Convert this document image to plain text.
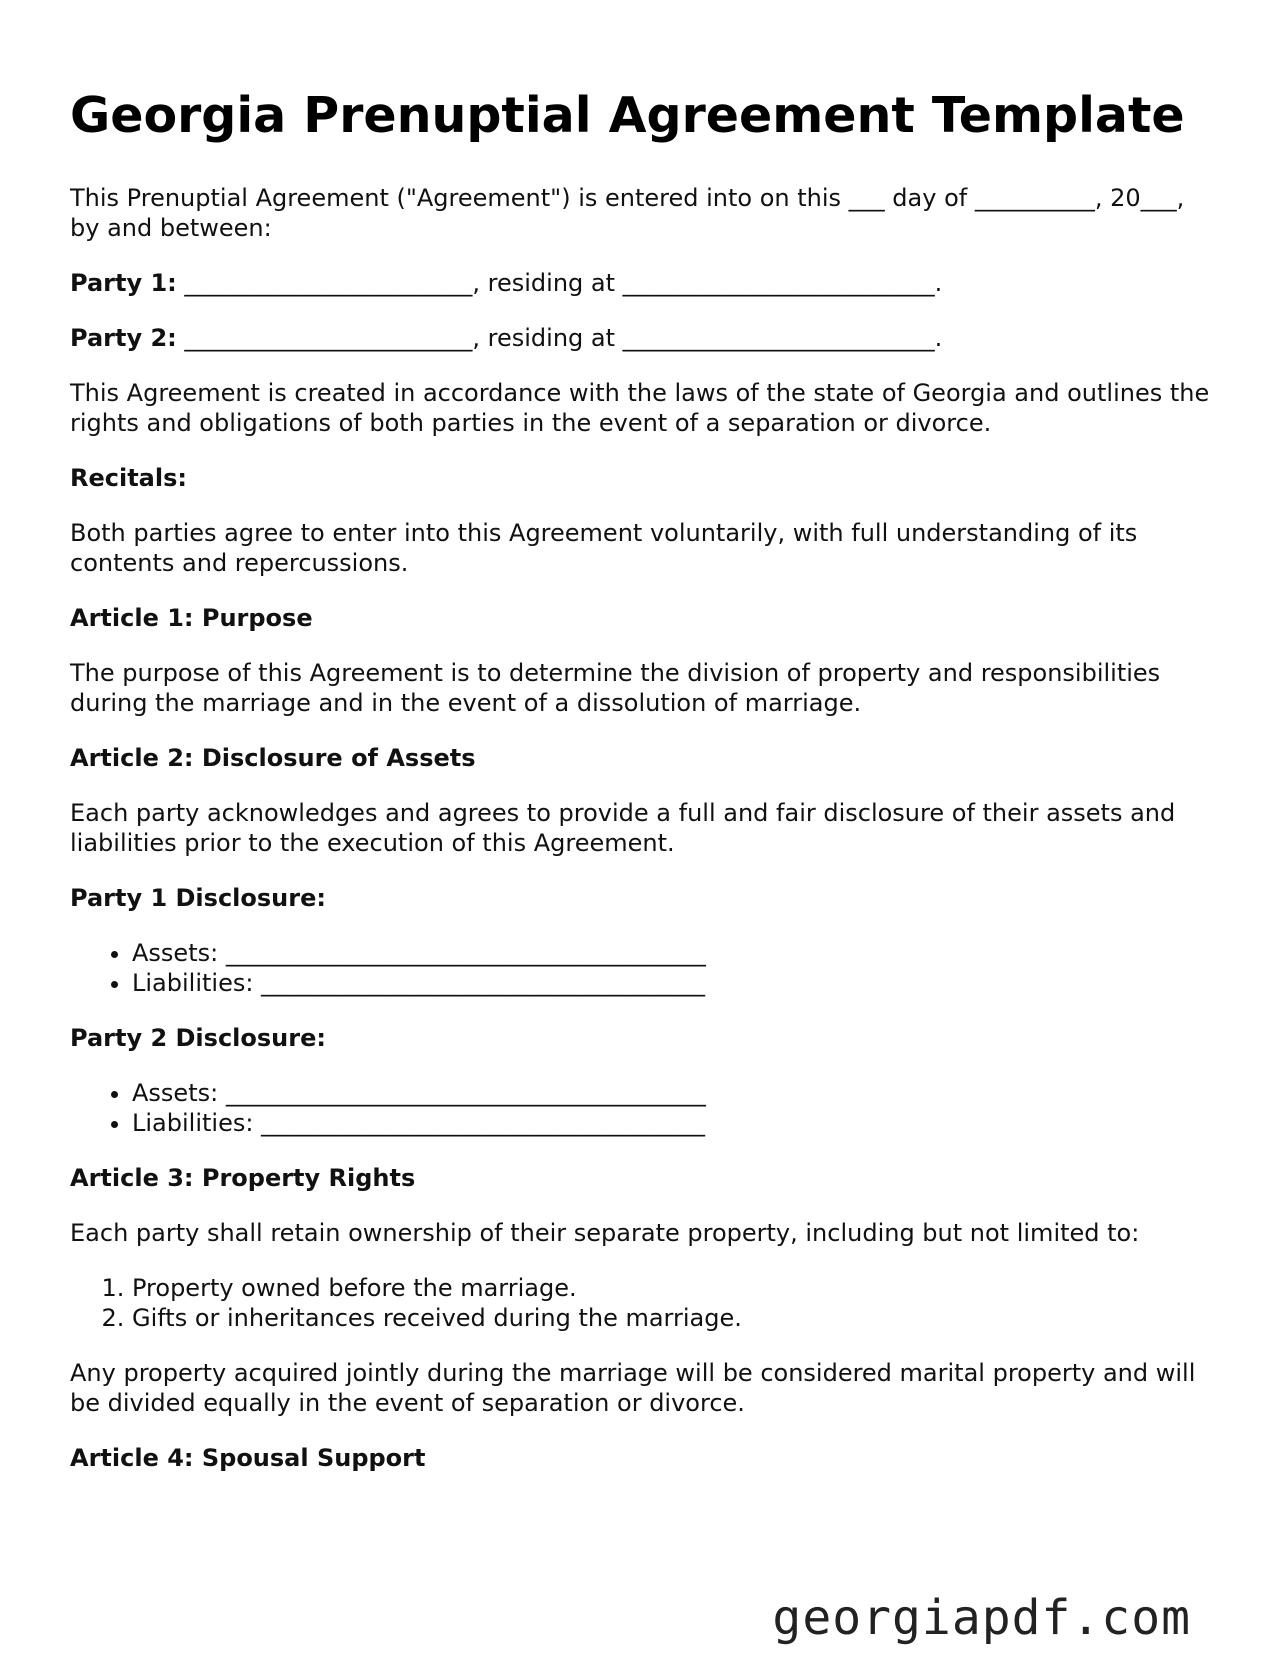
Georgia Prenuptial Agreement Template

This Prenuptial Agreement ("Agreement") is entered into on this ___ day of __________, 20___, by and between:

Party 1: ________________________, residing at __________________________.

Party 2: ________________________, residing at __________________________.

This Agreement is created in accordance with the laws of the state of Georgia and outlines the rights and obligations of both parties in the event of a separation or divorce.

Recitals:

Both parties agree to enter into this Agreement voluntarily, with full understanding of its contents and repercussions.

Article 1: Purpose

The purpose of this Agreement is to determine the division of property and responsibilities during the marriage and in the event of a dissolution of marriage.

Article 2: Disclosure of Assets

Each party acknowledges and agrees to provide a full and fair disclosure of their assets and liabilities prior to the execution of this Agreement.

Party 1 Disclosure:
• Assets: ________________________________________
• Liabilities: _____________________________________
Party 2 Disclosure:
• Assets: ________________________________________
• Liabilities: _____________________________________
Article 3: Property Rights

Each party shall retain ownership of their separate property, including but not limited to:

1. Property owned before the marriage.
2. Gifts or inheritances received during the marriage.

Any property acquired jointly during the marriage will be considered marital property and will be divided equally in the event of separation or divorce.

Article 4: Spousal Support
georgiapdf.com
